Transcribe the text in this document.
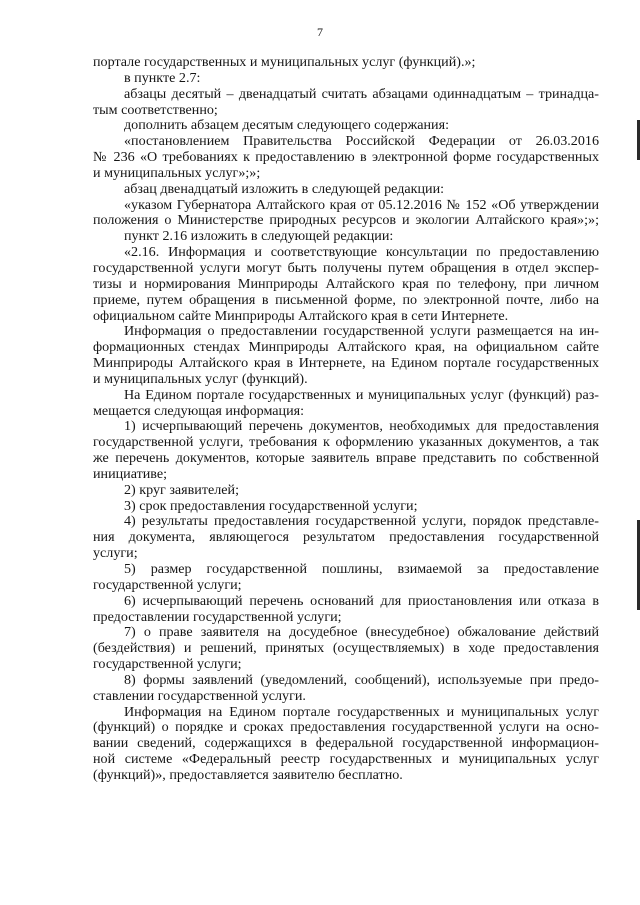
7
портале государственных и муниципальных услуг (функций).»;
в пункте 2.7:
абзацы десятый – двенадцатый считать абзацами одиннадцатым – тринадца-
тым соответственно;
дополнить абзацем десятым следующего содержания:
«постановлением Правительства Российской Федерации от 26.03.2016
№ 236 «О требованиях к предоставлению в электронной форме государственных
и муниципальных услуг»;»;
абзац двенадцатый изложить в следующей редакции:
«указом Губернатора Алтайского края от 05.12.2016 № 152 «Об утверждении
положения о Министерстве природных ресурсов и экологии Алтайского края»;»;
пункт 2.16 изложить в следующей редакции:
«2.16. Информация и соответствующие консультации по предоставлению
государственной услуги могут быть получены путем обращения в отдел экспер-
тизы и нормирования Минприроды Алтайского края по телефону, при личном
приеме, путем обращения в письменной форме, по электронной почте, либо на
официальном сайте Минприроды Алтайского края в сети Интернете.
Информация о предоставлении государственной услуги размещается на ин-
формационных стендах Минприроды Алтайского края, на официальном сайте
Минприроды Алтайского края в Интернете, на Едином портале государственных
и муниципальных услуг (функций).
На Едином портале государственных и муниципальных услуг (функций) раз-
мещается следующая информация:
1) исчерпывающий перечень документов, необходимых для предоставления
государственной услуги, требования к оформлению указанных документов, а так
же перечень документов, которые заявитель вправе представить по собственной
инициативе;
2) круг заявителей;
3) срок предоставления государственной услуги;
4) результаты предоставления государственной услуги, порядок представле-
ния документа, являющегося результатом предоставления государственной
услуги;
5) размер государственной пошлины, взимаемой за предоставление
государственной услуги;
6) исчерпывающий перечень оснований для приостановления или отказа в
предоставлении государственной услуги;
7) о праве заявителя на досудебное (внесудебное) обжалование действий
(бездействия) и решений, принятых (осуществляемых) в ходе предоставления
государственной услуги;
8) формы заявлений (уведомлений, сообщений), используемые при предо-
ставлении государственной услуги.
Информация на Едином портале государственных и муниципальных услуг
(функций) о порядке и сроках предоставления государственной услуги на осно-
вании сведений, содержащихся в федеральной государственной информацион-
ной системе «Федеральный реестр государственных и муниципальных услуг
(функций)», предоставляется заявителю бесплатно.
